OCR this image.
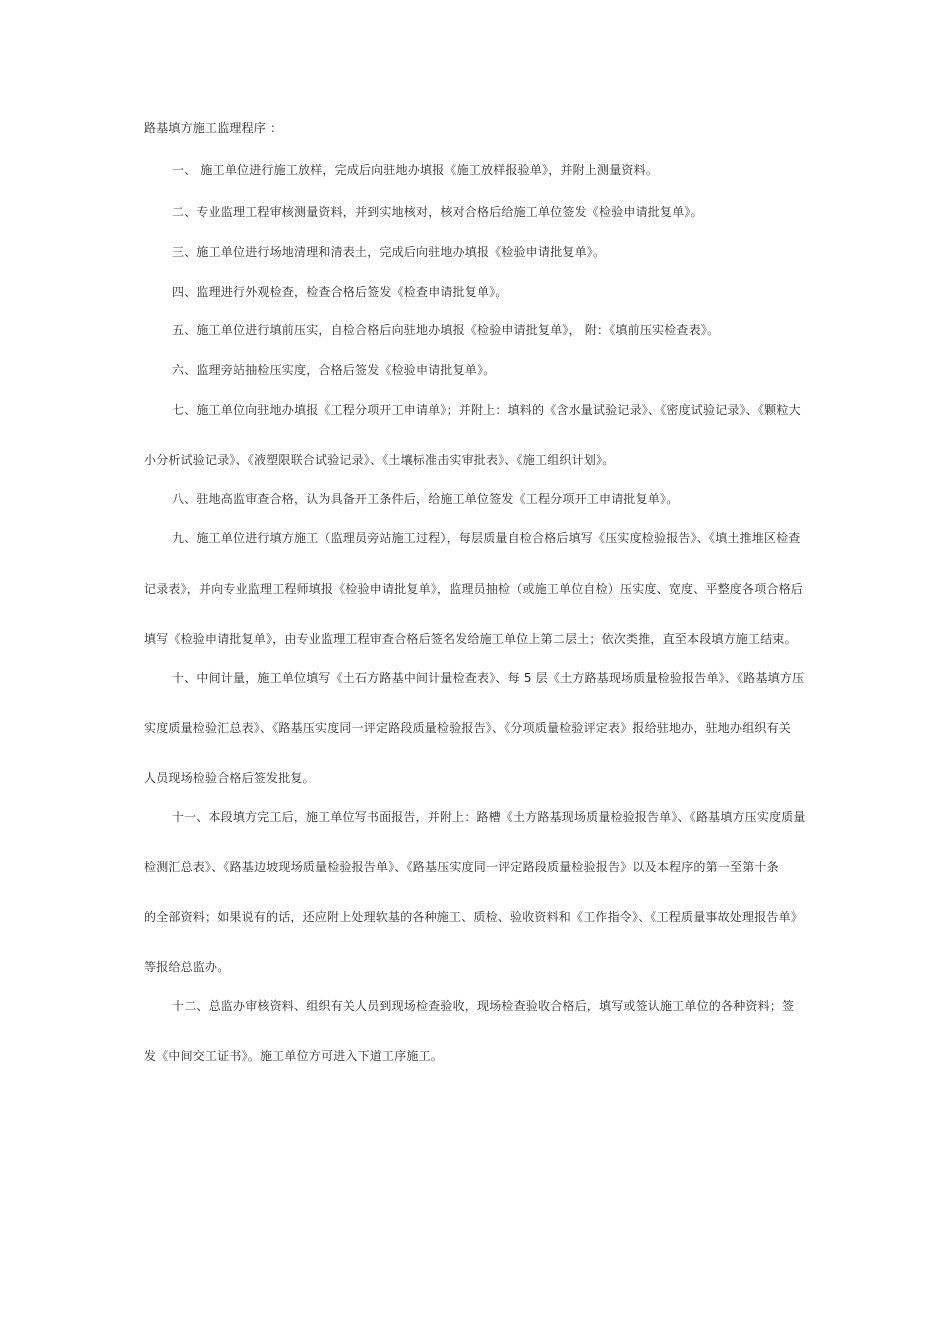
路基填方施工监理程序 ：
一、 施工单位进行施工放样，完成后向驻地办填报《施工放样报验单》，并附上测量资料。
二、专业监理工程审核测量资料，并到实地核对，核对合格后给施工单位签发《检验申请批复单》。
三、施工单位进行场地清理和清表土，完成后向驻地办填报《检验申请批复单》。
四、监理进行外观检查，检查合格后签发《检查申请批复单》。
五、施工单位进行填前压实，自检合格后向驻地办填报《检验申请批复单》， 附：《填前压实检查表》。
六、监理旁站抽检压实度，合格后签发《检验申请批复单》。
七、施工单位向驻地办填报《工程分项开工申请单》；并附上：填料的《含水量试验记录》、《密度试验记录》、《颗粒大
小分析试验记录》、《液塑限联合试验记录》、《土壤标准击实审批表》、《施工组织计划》。
八、驻地高监审查合格，认为具备开工条件后，给施工单位签发《工程分项开工申请批复单》。
九、施工单位进行填方施工（监理员旁站施工过程），每层质量自检合格后填写《压实度检验报告》、《填土推堆区检查
记录表》，并向专业监理工程师填报《检验申请批复单》，监理员抽检（或施工单位自检）压实度、宽度、平整度各项合格后
填写《检验申请批复单》，由专业监理工程审查合格后签名发给施工单位上第二层土；依次类推，直至本段填方施工结束。
十、中间计量，施工单位填写《土石方路基中间计量检查表》、每 5 层《土方路基现场质量检验报告单》、《路基填方压
实度质量检验汇总表》、《路基压实度同一评定路段质量检验报告》、《分项质量检验评定表》报给驻地办，驻地办组织有关
人员现场检验合格后签发批复。
十一、本段填方完工后，施工单位写书面报告，并附上：路槽《土方路基现场质量检验报告单》、《路基填方压实度质量
检测汇总表》、《路基边坡现场质量检验报告单》、《路基压实度同一评定路段质量检验报告》以及本程序的第一至第十条
的全部资料；如果说有的话，还应附上处理软基的各种施工、质检、验收资料和《工作指令》、《工程质量事故处理报告单》
等报给总监办。
十二、总监办审核资料、组织有关人员到现场检查验收，现场检查验收合格后，填写或签认施工单位的各种资料；签
发《中间交工证书》。施工单位方可进入下道工序施工。
